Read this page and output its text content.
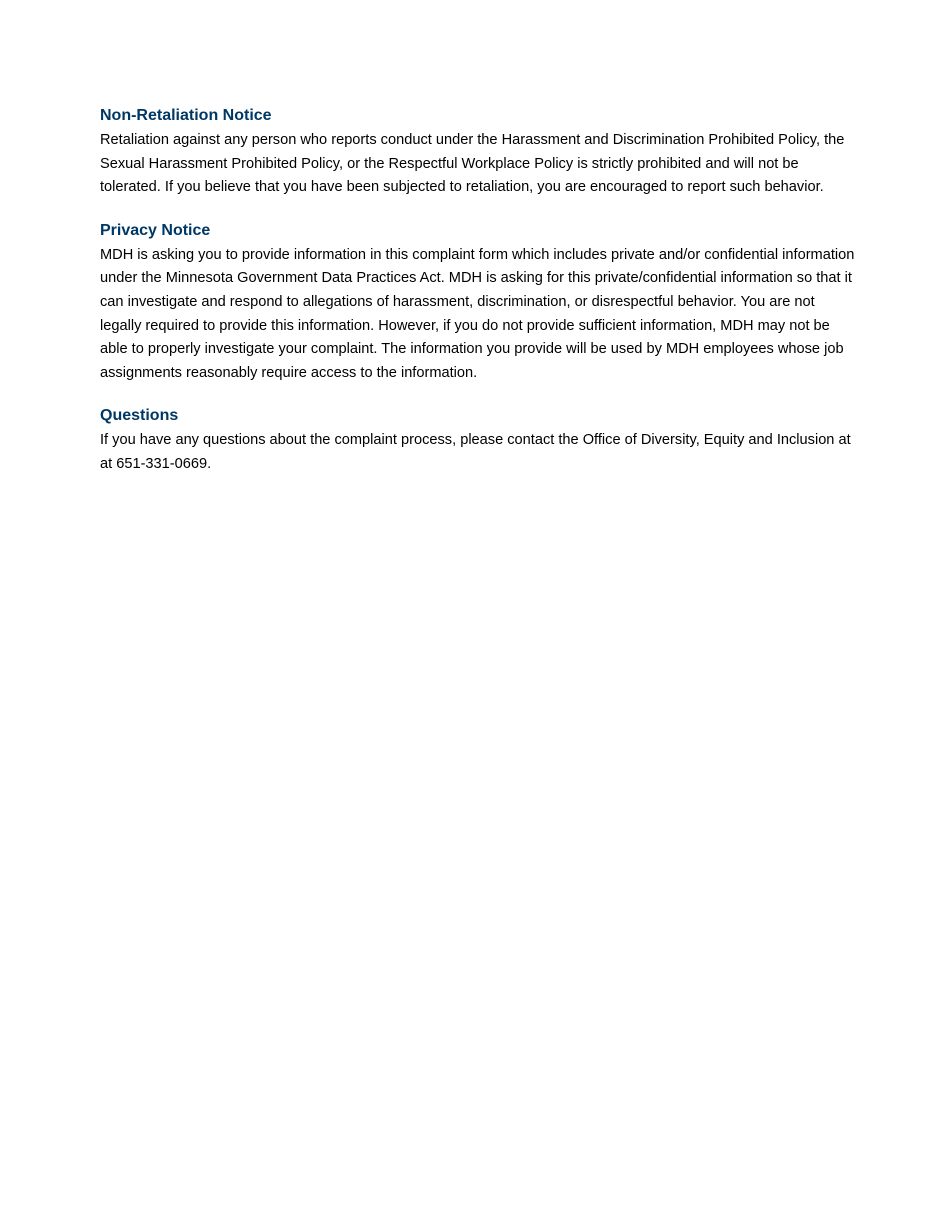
Non-Retaliation Notice

Retaliation against any person who reports conduct under the Harassment and Discrimination Prohibited Policy, the Sexual Harassment Prohibited Policy, or the Respectful Workplace Policy is strictly prohibited and will not be tolerated. If you believe that you have been subjected to retaliation, you are encouraged to report such behavior.

Privacy Notice

MDH is asking you to provide information in this complaint form which includes private and/or confidential information under the Minnesota Government Data Practices Act. MDH is asking for this private/confidential information so that it can investigate and respond to allegations of harassment, discrimination, or disrespectful behavior. You are not legally required to provide this information. However, if you do not provide sufficient information, MDH may not be able to properly investigate your complaint. The information you provide will be used by MDH employees whose job assignments reasonably require access to the information.

Questions

If you have any questions about the complaint process, please contact the Office of Diversity, Equity and Inclusion at at 651-331-0669.
